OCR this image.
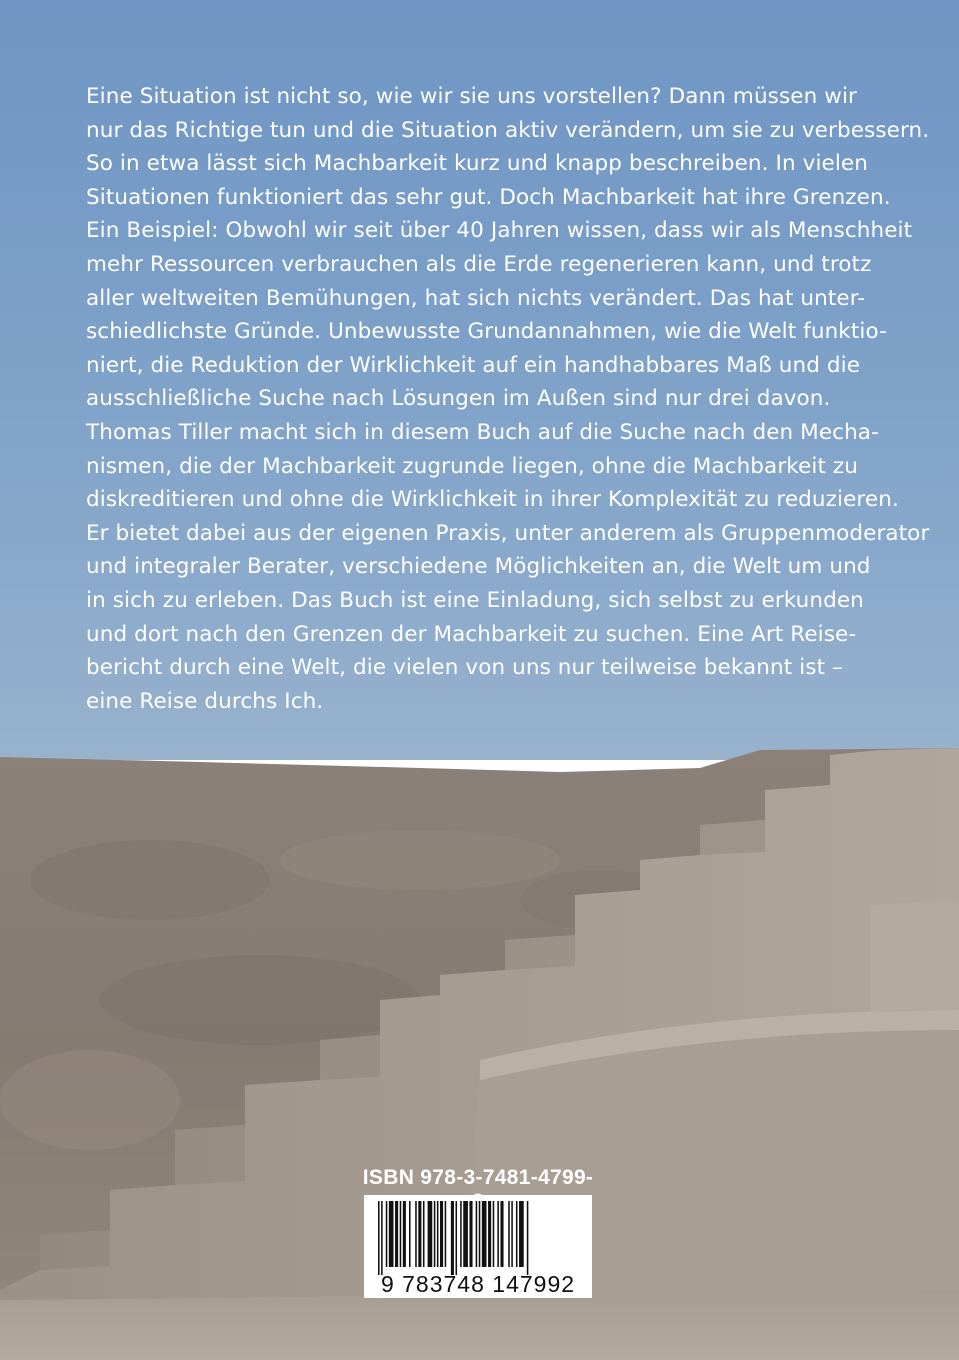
Eine Situation ist nicht so, wie wir sie uns vorstellen? Dann müssen wir
nur das Richtige tun und die Situation aktiv verändern, um sie zu verbessern.
So in etwa lässt sich Machbarkeit kurz und knapp beschreiben. In vielen
Situationen funktioniert das sehr gut. Doch Machbarkeit hat ihre Grenzen.
Ein Beispiel: Obwohl wir seit über 40 Jahren wissen, dass wir als Menschheit
mehr Ressourcen verbrauchen als die Erde regenerieren kann, und trotz
aller weltweiten Bemühungen, hat sich nichts verändert. Das hat unter-
schiedlichste Gründe. Unbewusste Grundannahmen, wie die Welt funktio-
niert, die Reduktion der Wirklichkeit auf ein handhabbares Maß und die
ausschließliche Suche nach Lösungen im Außen sind nur drei davon.
Thomas Tiller macht sich in diesem Buch auf die Suche nach den Mecha-
nismen, die der Machbarkeit zugrunde liegen, ohne die Machbarkeit zu
diskreditieren und ohne die Wirklichkeit in ihrer Komplexität zu reduzieren.
Er bietet dabei aus der eigenen Praxis, unter anderem als Gruppenmoderator
und integraler Berater, verschiedene Möglichkeiten an, die Welt um und
in sich zu erleben. Das Buch ist eine Einladung, sich selbst zu erkunden
und dort nach den Grenzen der Machbarkeit zu suchen. Eine Art Reise-
bericht durch eine Welt, die vielen von uns nur teilweise bekannt ist –
eine Reise durchs Ich.
ISBN 978-3-7481-4799-
9 783748 147992
